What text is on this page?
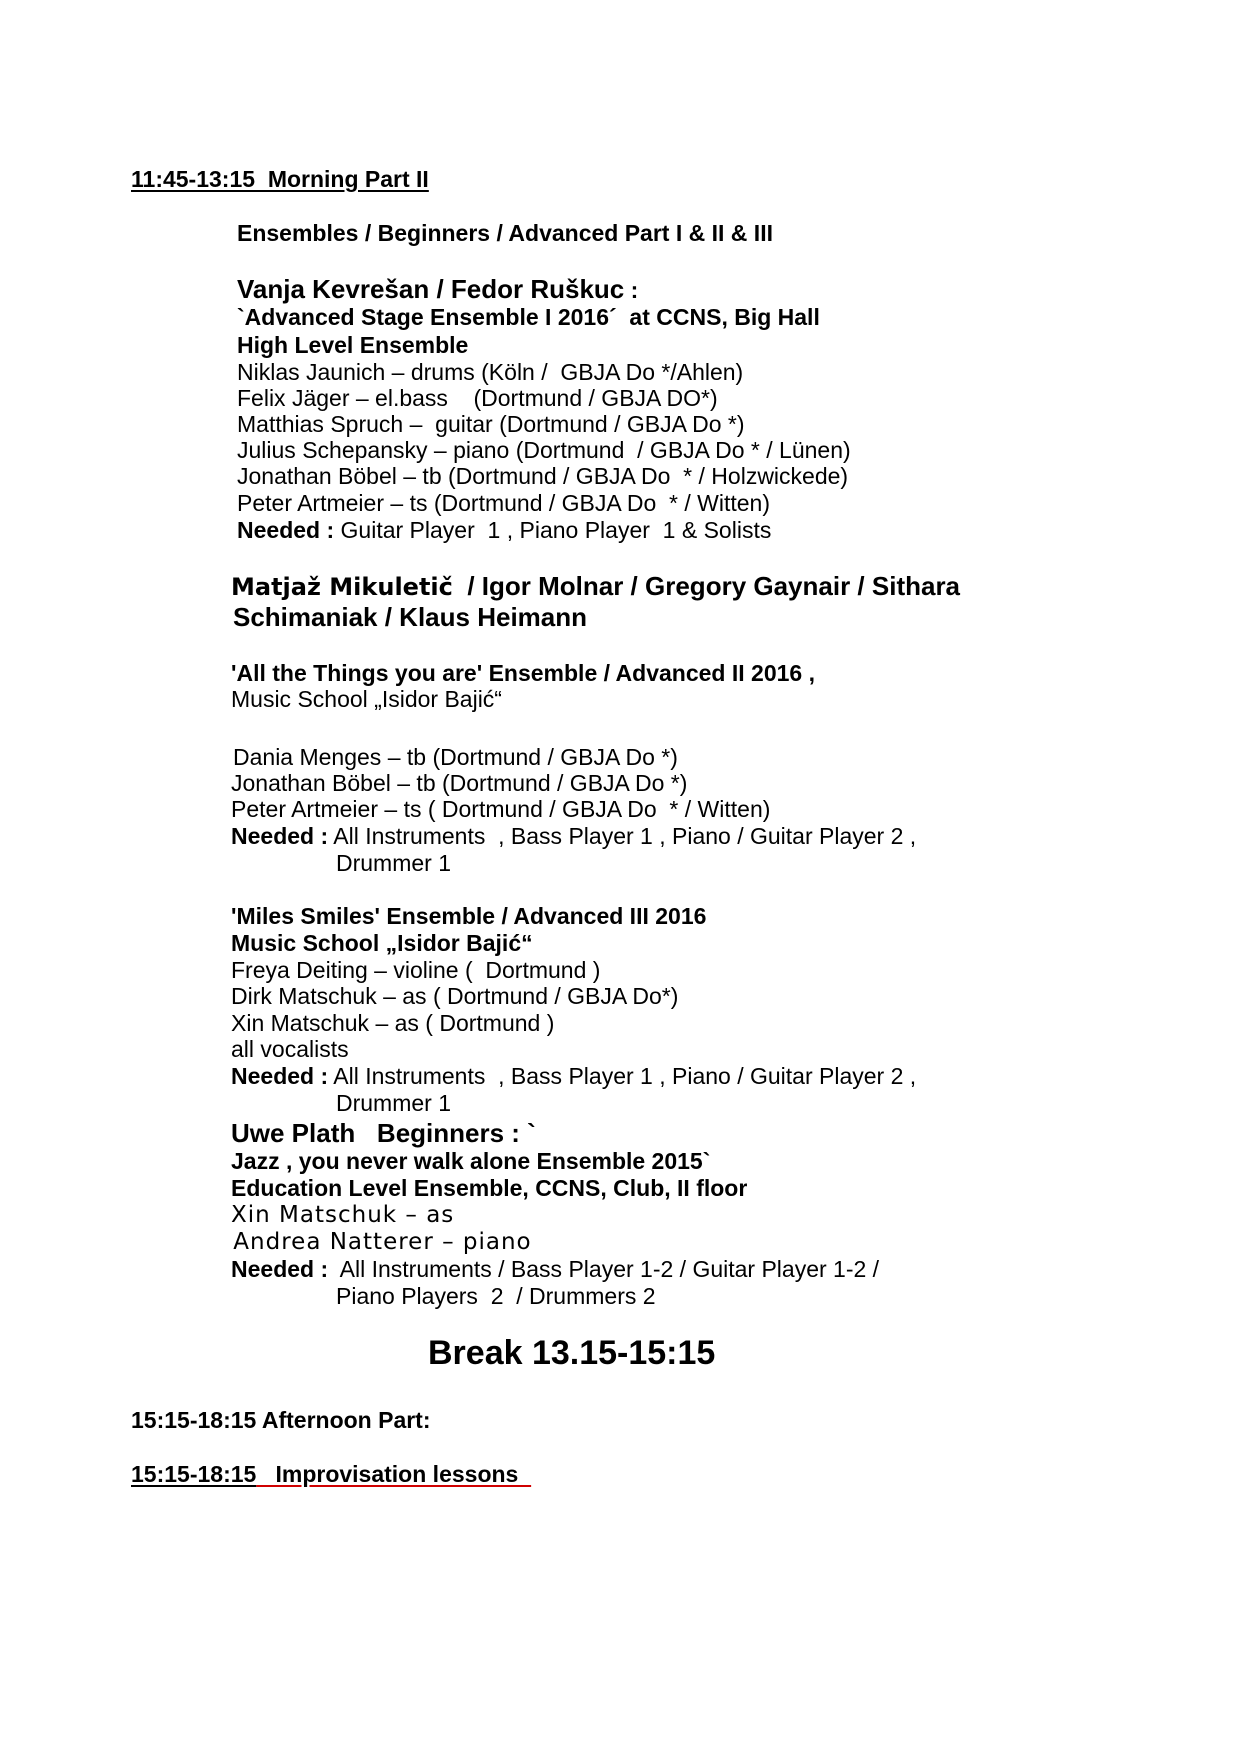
11:45-13:15  Morning Part II
Ensembles / Beginners / Advanced Part I & II & III
Vanja Kevrešan / Fedor Ruškuc :
`Advanced Stage Ensemble I 2016´  at CCNS, Big Hall
High Level Ensemble
Niklas Jaunich – drums (Köln /  GBJA Do */Ahlen)
Felix Jäger – el.bass    (Dortmund / GBJA DO*)
Matthias Spruch –  guitar (Dortmund / GBJA Do *)
Julius Schepansky – piano (Dortmund  / GBJA Do * / Lünen)
Jonathan Böbel – tb (Dortmund / GBJA Do  * / Holzwickede)
Peter Artmeier – ts (Dortmund / GBJA Do  * / Witten)
Needed : Guitar Player  1 , Piano Player  1 & Solists
Matjaž Mikuletič  / Igor Molnar / Gregory Gaynair / Sithara
Schimaniak / Klaus Heimann
'All the Things you are' Ensemble / Advanced II 2016 ,
Music School „Isidor Bajić“
Dania Menges – tb (Dortmund / GBJA Do *)
Jonathan Böbel – tb (Dortmund / GBJA Do *)
Peter Artmeier – ts ( Dortmund / GBJA Do  * / Witten)
Needed : All Instruments  , Bass Player 1 , Piano / Guitar Player 2 ,
Drummer 1
'Miles Smiles' Ensemble / Advanced III 2016
Music School „Isidor Bajić“
Freya Deiting – violine (  Dortmund )
Dirk Matschuk – as ( Dortmund / GBJA Do*)
Xin Matschuk – as ( Dortmund )
all vocalists
Needed : All Instruments  , Bass Player 1 , Piano / Guitar Player 2 ,
Drummer 1
Uwe Plath   Beginners : `
Jazz , you never walk alone Ensemble 2015`
Education Level Ensemble, CCNS, Club, II floor
Xin Matschuk – as
Andrea Natterer – piano
Needed :  All Instruments / Bass Player 1-2 / Guitar Player 1-2 /
Piano Players  2  / Drummers 2
Break 13.15-15:15
15:15-18:15 Afternoon Part:
15:15-18:15   Improvisation lessons
